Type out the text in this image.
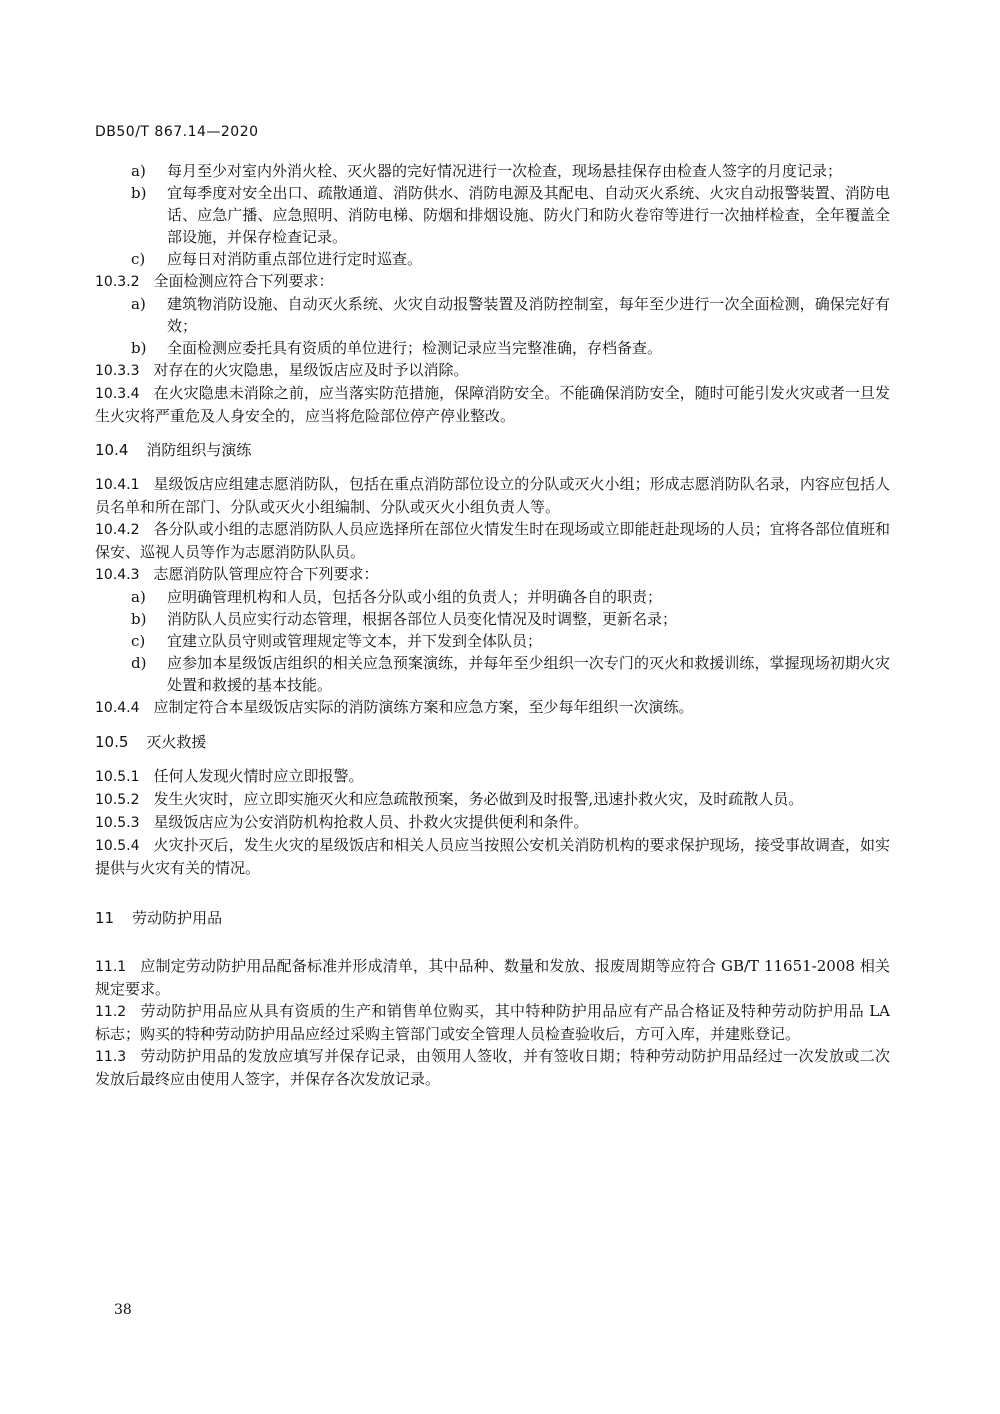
DB50/T 867.14—2020
a) 每月至少对室内外消火栓、灭火器的完好情况进行一次检查，现场悬挂保存由检查人签字的月度记录；
b) 宜每季度对安全出口、疏散通道、消防供水、消防电源及其配电、自动灭火系统、火灾自动报警装置、消防电话、应急广播、应急照明、消防电梯、防烟和排烟设施、防火门和防火卷帘等进行一次抽样检查，全年覆盖全部设施，并保存检查记录。
c) 应每日对消防重点部位进行定时巡查。
10.3.2 全面检测应符合下列要求：
a) 建筑物消防设施、自动灭火系统、火灾自动报警装置及消防控制室，每年至少进行一次全面检测，确保完好有效；
b) 全面检测应委托具有资质的单位进行；检测记录应当完整准确，存档备查。
10.3.3 对存在的火灾隐患，星级饭店应及时予以消除。
10.3.4 在火灾隐患未消除之前，应当落实防范措施，保障消防安全。不能确保消防安全，随时可能引发火灾或者一旦发生火灾将严重危及人身安全的，应当将危险部位停产停业整改。
10.4 消防组织与演练
10.4.1 星级饭店应组建志愿消防队，包括在重点消防部位设立的分队或灭火小组；形成志愿消防队名录，内容应包括人员名单和所在部门、分队或灭火小组编制、分队或灭火小组负责人等。
10.4.2 各分队或小组的志愿消防队人员应选择所在部位火情发生时在现场或立即能赶赴现场的人员；宜将各部位值班和保安、巡视人员等作为志愿消防队队员。
10.4.3 志愿消防队管理应符合下列要求：
a) 应明确管理机构和人员，包括各分队或小组的负责人；并明确各自的职责；
b) 消防队人员应实行动态管理，根据各部位人员变化情况及时调整，更新名录；
c) 宜建立队员守则或管理规定等文本，并下发到全体队员；
d) 应参加本星级饭店组织的相关应急预案演练，并每年至少组织一次专门的灭火和救援训练，掌握现场初期火灾处置和救援的基本技能。
10.4.4 应制定符合本星级饭店实际的消防演练方案和应急方案，至少每年组织一次演练。
10.5 灭火救援
10.5.1 任何人发现火情时应立即报警。
10.5.2 发生火灾时，应立即实施灭火和应急疏散预案，务必做到及时报警,迅速扑救火灾，及时疏散人员。
10.5.3 星级饭店应为公安消防机构抢救人员、扑救火灾提供便利和条件。
10.5.4 火灾扑灭后，发生火灾的星级饭店和相关人员应当按照公安机关消防机构的要求保护现场，接受事故调查，如实提供与火灾有关的情况。
11 劳动防护用品
11.1 应制定劳动防护用品配备标准并形成清单，其中品种、数量和发放、报废周期等应符合 GB/T 11651-2008 相关规定要求。
11.2 劳动防护用品应从具有资质的生产和销售单位购买，其中特种防护用品应有产品合格证及特种劳动防护用品 LA 标志；购买的特种劳动防护用品应经过采购主管部门或安全管理人员检查验收后，方可入库，并建账登记。
11.3 劳动防护用品的发放应填写并保存记录，由领用人签收，并有签收日期；特种劳动防护用品经过一次发放或二次发放后最终应由使用人签字，并保存各次发放记录。
38
